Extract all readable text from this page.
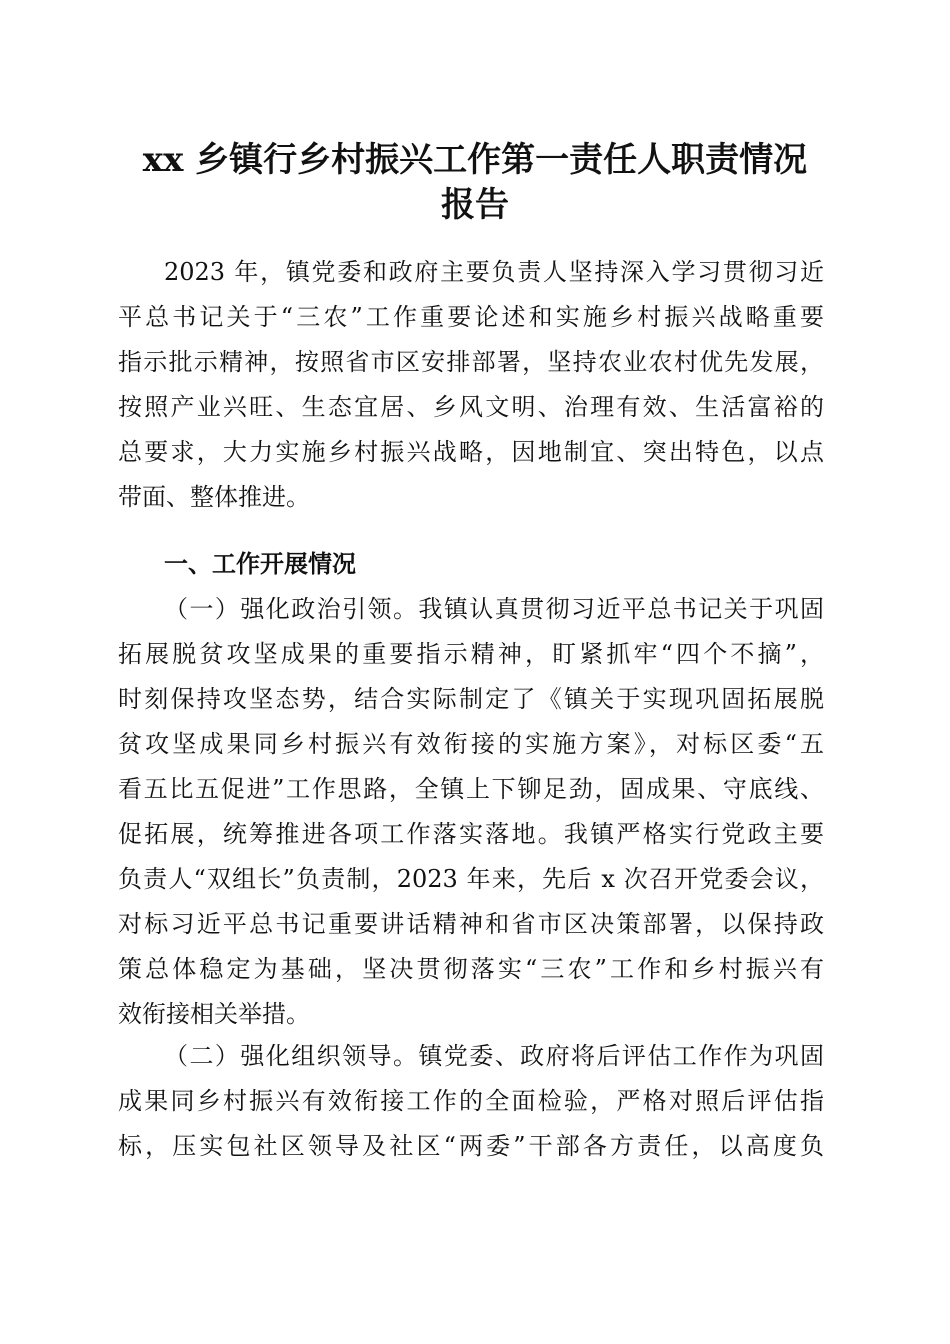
xx 乡镇行乡村振兴工作第一责任人职责情况
报告
2023 年，镇党委和政府主要负责人坚持深入学习贯彻习近
平总书记关于“三农”工作重要论述和实施乡村振兴战略重要
指示批示精神，按照省市区安排部署，坚持农业农村优先发展，
按照产业兴旺、生态宜居、乡风文明、治理有效、生活富裕的
总要求，大力实施乡村振兴战略，因地制宜、突出特色，以点
带面、整体推进。
一、工作开展情况
（一）强化政治引领。我镇认真贯彻习近平总书记关于巩固
拓展脱贫攻坚成果的重要指示精神，盯紧抓牢“四个不摘”，
时刻保持攻坚态势，结合实际制定了《镇关于实现巩固拓展脱
贫攻坚成果同乡村振兴有效衔接的实施方案》，对标区委“五
看五比五促进”工作思路，全镇上下铆足劲，固成果、守底线、
促拓展，统筹推进各项工作落实落地。我镇严格实行党政主要
负责人“双组长”负责制，2023 年来，先后 x 次召开党委会议，
对标习近平总书记重要讲话精神和省市区决策部署，以保持政
策总体稳定为基础，坚决贯彻落实“三农”工作和乡村振兴有
效衔接相关举措。
（二）强化组织领导。镇党委、政府将后评估工作作为巩固
成果同乡村振兴有效衔接工作的全面检验，严格对照后评估指
标，压实包社区领导及社区“两委”干部各方责任，以高度负
